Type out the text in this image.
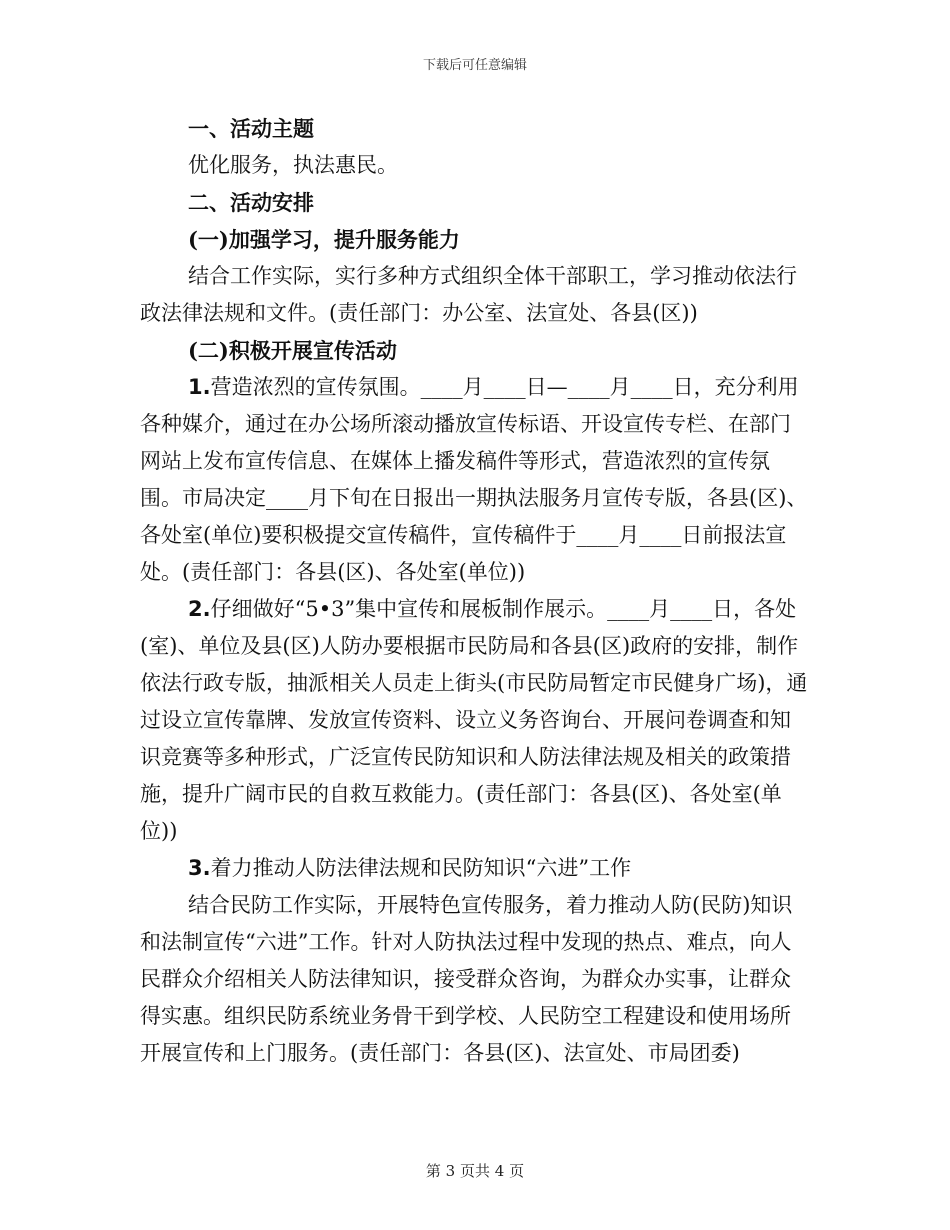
下载后可任意编辑

一、活动主题

优化服务，执法惠民。

二、活动安排

(一)加强学习，提升服务能力

结合工作实际，实行多种方式组织全体干部职工，学习推动依法行政法律法规和文件。(责任部门：办公室、法宣处、各县(区))

(二)积极开展宣传活动

1.营造浓烈的宣传氛围。____月____日—____月____日，充分利用各种媒介，通过在办公场所滚动播放宣传标语、开设宣传专栏、在部门网站上发布宣传信息、在媒体上播发稿件等形式，营造浓烈的宣传氛围。市局决定____月下旬在日报出一期执法服务月宣传专版，各县(区)、各处室(单位)要积极提交宣传稿件，宣传稿件于____月____日前报法宣处。(责任部门：各县(区)、各处室(单位))

2.仔细做好“5•3”集中宣传和展板制作展示。____月____日，各处(室)、单位及县(区)人防办要根据市民防局和各县(区)政府的安排，制作依法行政专版，抽派相关人员走上街头(市民防局暂定市民健身广场)，通过设立宣传靠牌、发放宣传资料、设立义务咨询台、开展问卷调查和知识竞赛等多种形式，广泛宣传民防知识和人防法律法规及相关的政策措施，提升广阔市民的自救互救能力。(责任部门：各县(区)、各处室(单位))

3.着力推动人防法律法规和民防知识“六进”工作

结合民防工作实际，开展特色宣传服务，着力推动人防(民防)知识和法制宣传“六进”工作。针对人防执法过程中发现的热点、难点，向人民群众介绍相关人防法律知识，接受群众咨询，为群众办实事，让群众得实惠。组织民防系统业务骨干到学校、人民防空工程建设和使用场所开展宣传和上门服务。(责任部门：各县(区)、法宣处、市局团委)

第 3 页共 4 页
